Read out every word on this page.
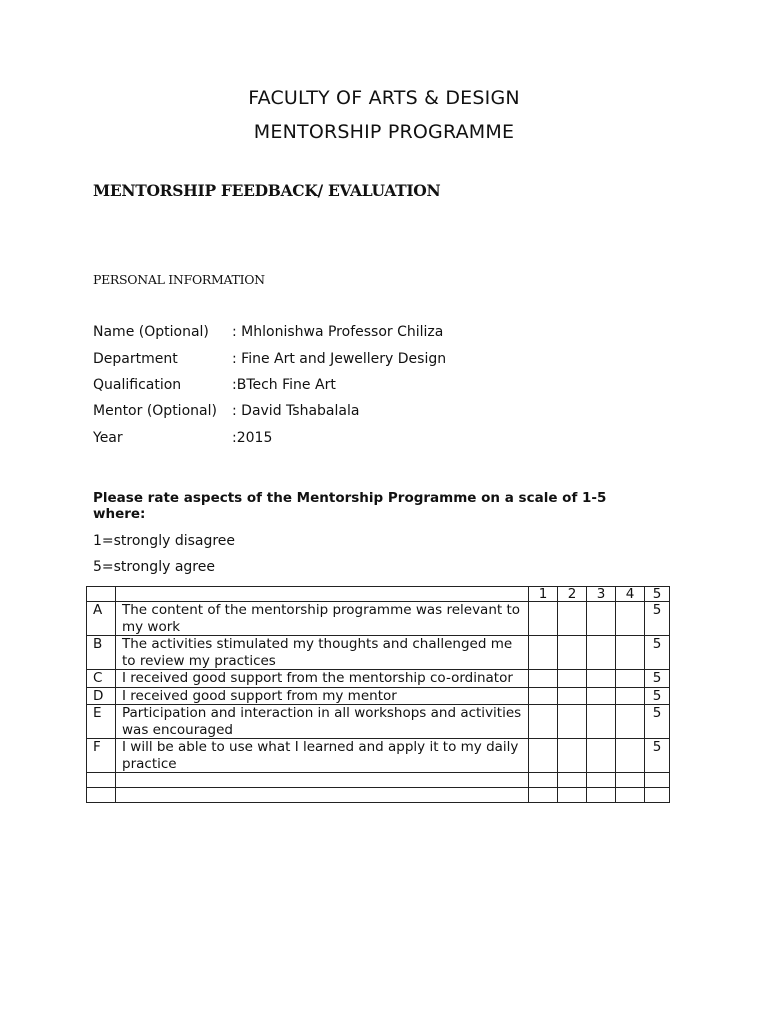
FACULTY OF ARTS & DESIGN
MENTORSHIP PROGRAMME
MENTORSHIP FEEDBACK/ EVALUATION
PERSONAL INFORMATION
Name (Optional) : Mhlonishwa Professor Chiliza
Department	: Fine Art and Jewellery Design
Qualification	:BTech Fine Art
Mentor (Optional) : David Tshabalala
Year	:2015
Please rate aspects of the Mentorship Programme on a scale of 1-5 where:
1=strongly disagree
5=strongly agree
		1	2	3	4	5
A	The content of the mentorship programme was relevant to my work					5
B	The activities stimulated my thoughts and challenged me to review my practices					5
C	I received good support from the mentorship co-ordinator					5
D	I received good support from my mentor					5
E	Participation and interaction in all workshops and activities was encouraged					5
F	I will be able to use what I learned and apply it to my daily practice					5
